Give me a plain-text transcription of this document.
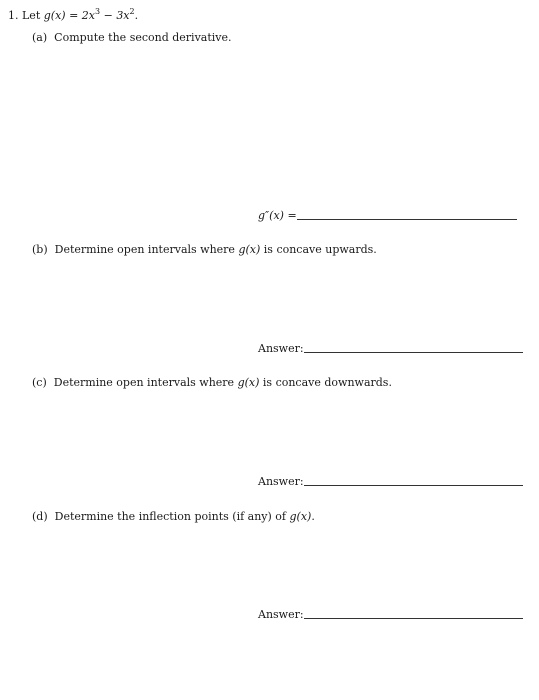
1. Let $g(x) = 2x^3 - 3x^2$.
(a) Compute the second derivative.
g″(x)
=
(b) Determine open intervals where g(x) is concave upwards.
Answer:
(c) Determine open intervals where g(x) is concave downwards.
Answer:
(d) Determine the inflection points (if any) of g(x).
Answer:
